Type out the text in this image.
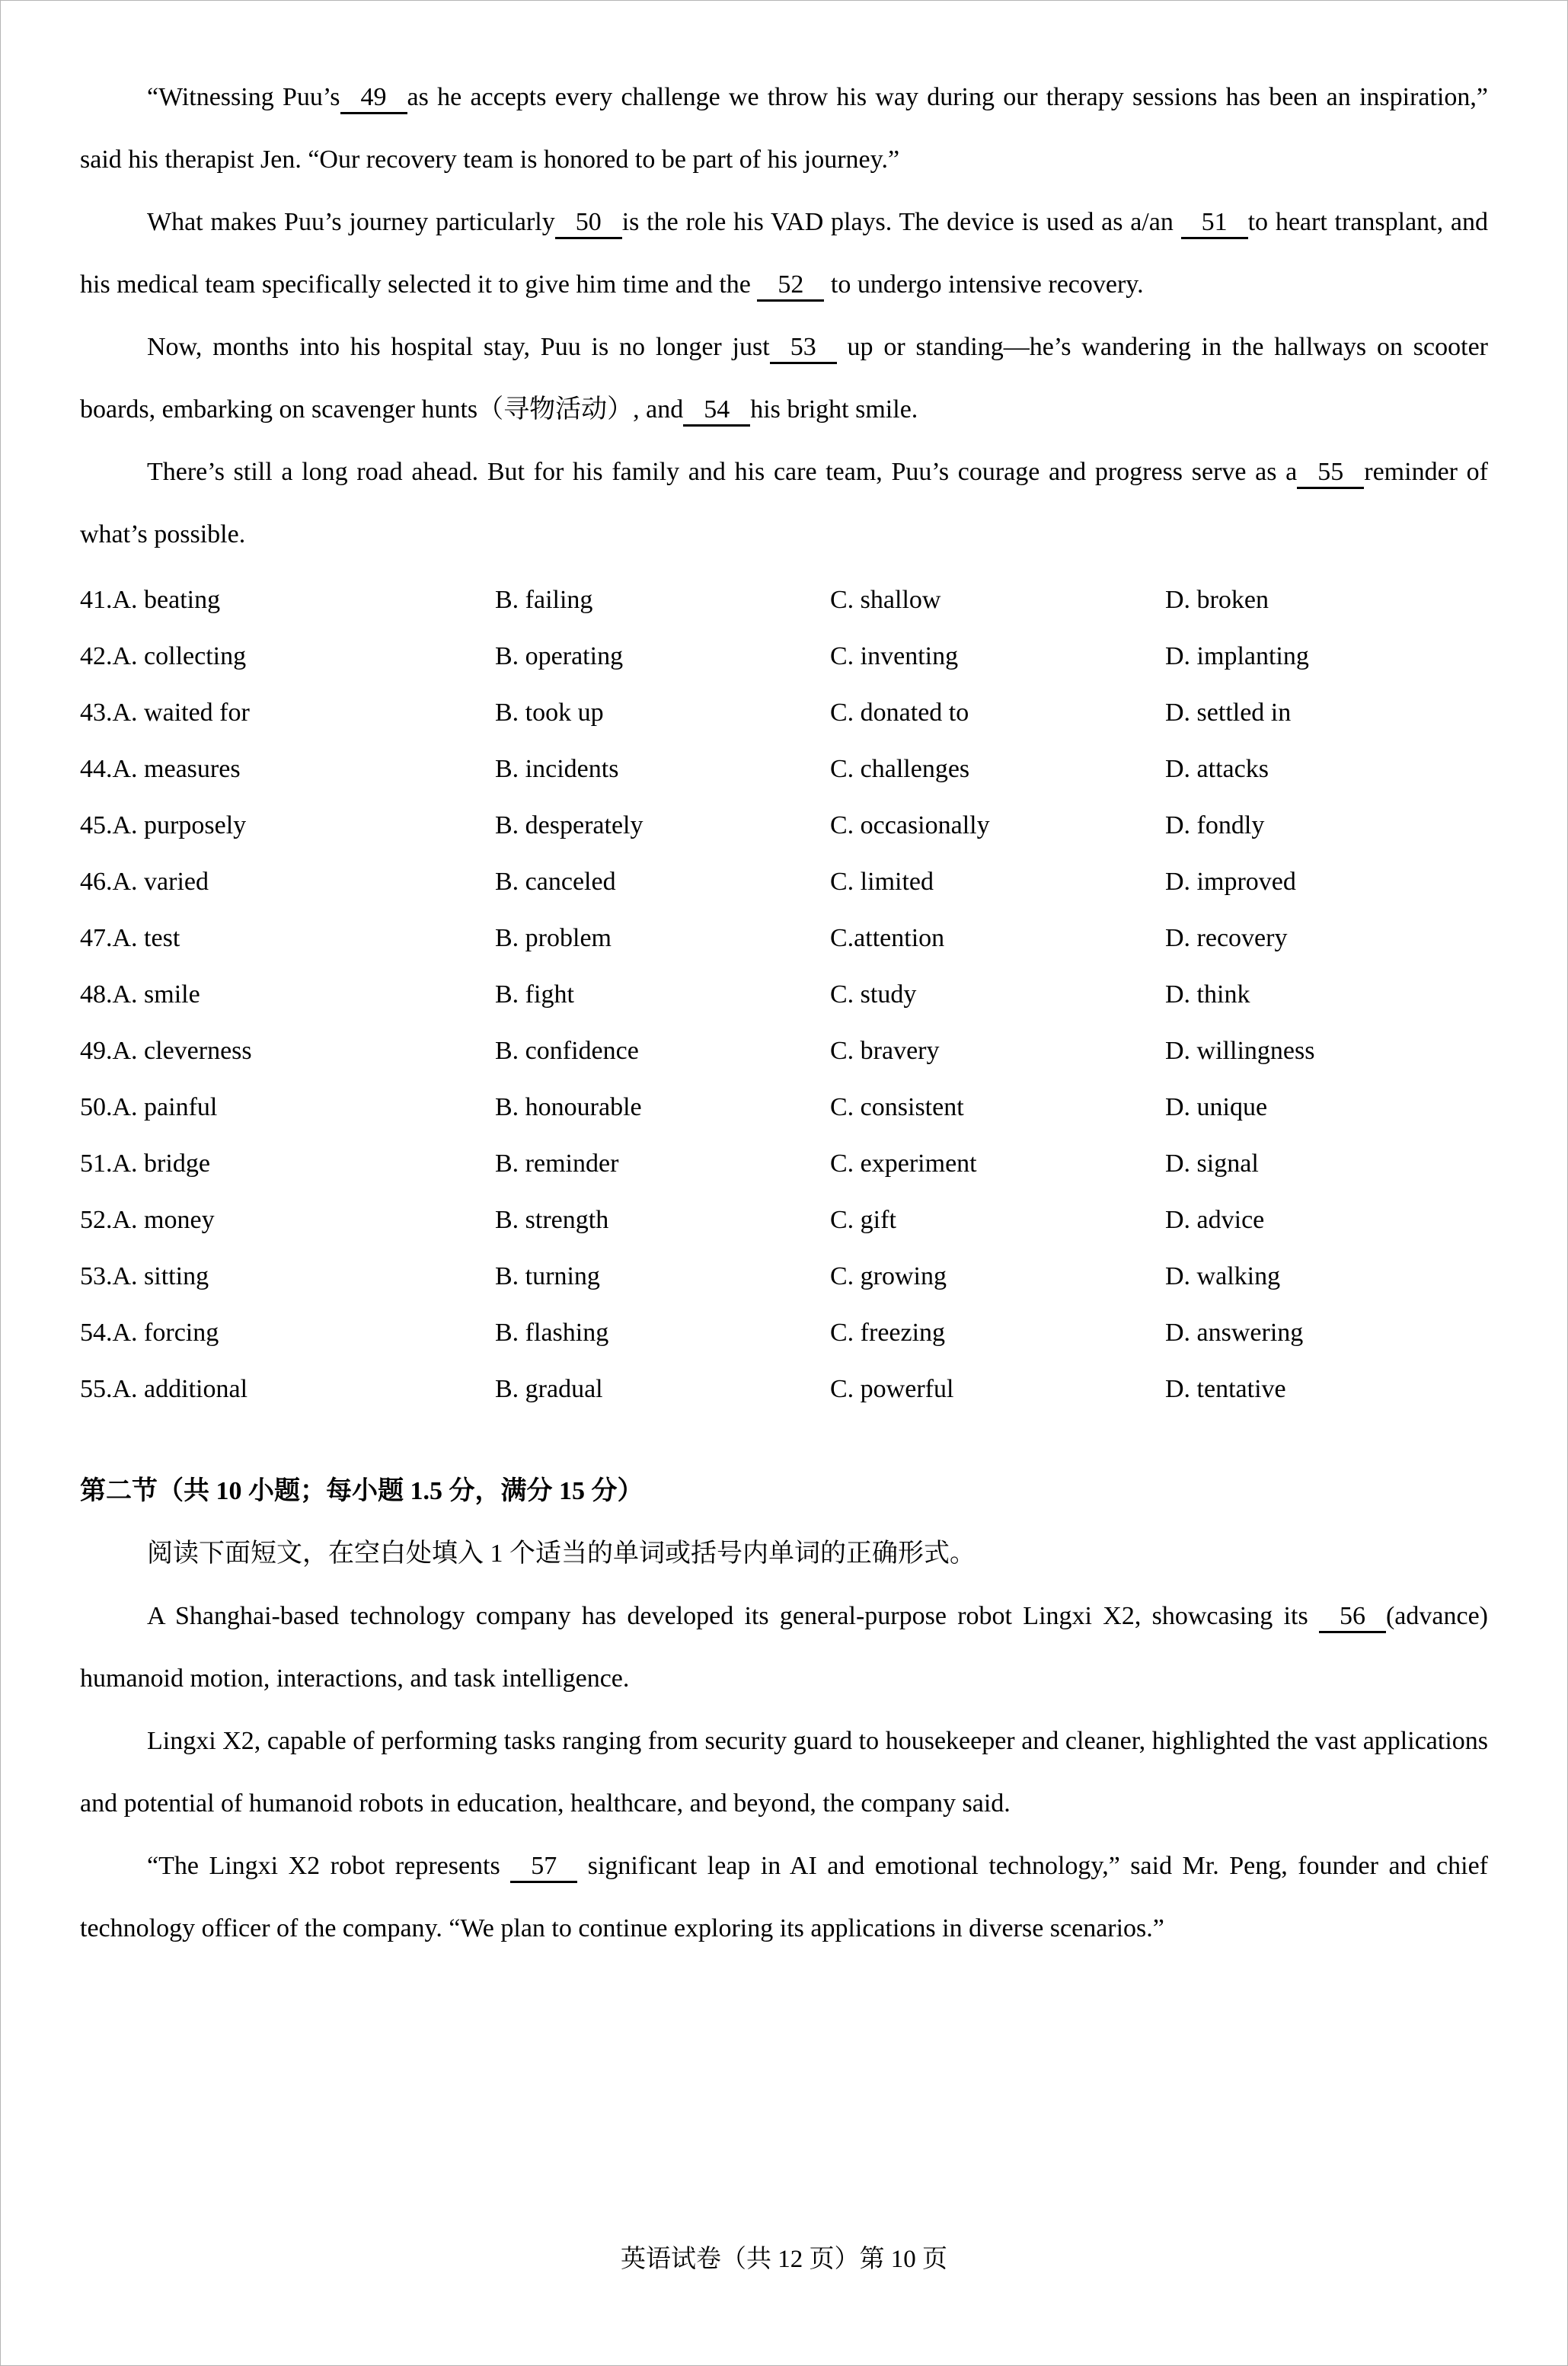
“Witnessing Puu’s 49 as he accepts every challenge we throw his way during our therapy sessions has been an inspiration,” said his therapist Jen. “Our recovery team is honored to be part of his journey.”

What makes Puu’s journey particularly 50 is the role his VAD plays. The device is used as a/an 51 to heart transplant, and his medical team specifically selected it to give him time and the 52 to undergo intensive recovery.

Now, months into his hospital stay, Puu is no longer just 53 up or standing—he’s wandering in the hallways on scooter boards, embarking on scavenger hunts（寻物活动）, and 54 his bright smile.

There’s still a long road ahead. But for his family and his care team, Puu’s courage and progress serve as a 55 reminder of what’s possible.

41.A. beating	B. failing	C. shallow	D. broken
42.A. collecting	B. operating	C. inventing	D. implanting
43.A. waited for	B. took up	C. donated to	D. settled in
44.A. measures	B. incidents	C. challenges	D. attacks
45.A. purposely	B. desperately	C. occasionally	D. fondly
46.A. varied	B. canceled	C. limited	D. improved
47.A. test	B. problem	C.attention	D. recovery
48.A. smile	B. fight	C. study	D. think
49.A. cleverness	B. confidence	C. bravery	D. willingness
50.A. painful	B. honourable	C. consistent	D. unique
51.A. bridge	B. reminder	C. experiment	D. signal
52.A. money	B. strength	C. gift	D. advice
53.A. sitting	B. turning	C. growing	D. walking
54.A. forcing	B. flashing	C. freezing	D. answering
55.A. additional	B. gradual	C. powerful	D. tentative

第二节（共 10 小题；每小题 1.5 分，满分 15 分）

阅读下面短文，在空白处填入 1 个适当的单词或括号内单词的正确形式。

A Shanghai-based technology company has developed its general-purpose robot Lingxi X2, showcasing its 56 (advance) humanoid motion, interactions, and task intelligence.

Lingxi X2, capable of performing tasks ranging from security guard to housekeeper and cleaner, highlighted the vast applications and potential of humanoid robots in education, healthcare, and beyond, the company said.

“The Lingxi X2 robot represents 57 significant leap in AI and emotional technology,” said Mr. Peng, founder and chief technology officer of the company. “We plan to continue exploring its applications in diverse scenarios.”

英语试卷（共 12 页）第 10 页
